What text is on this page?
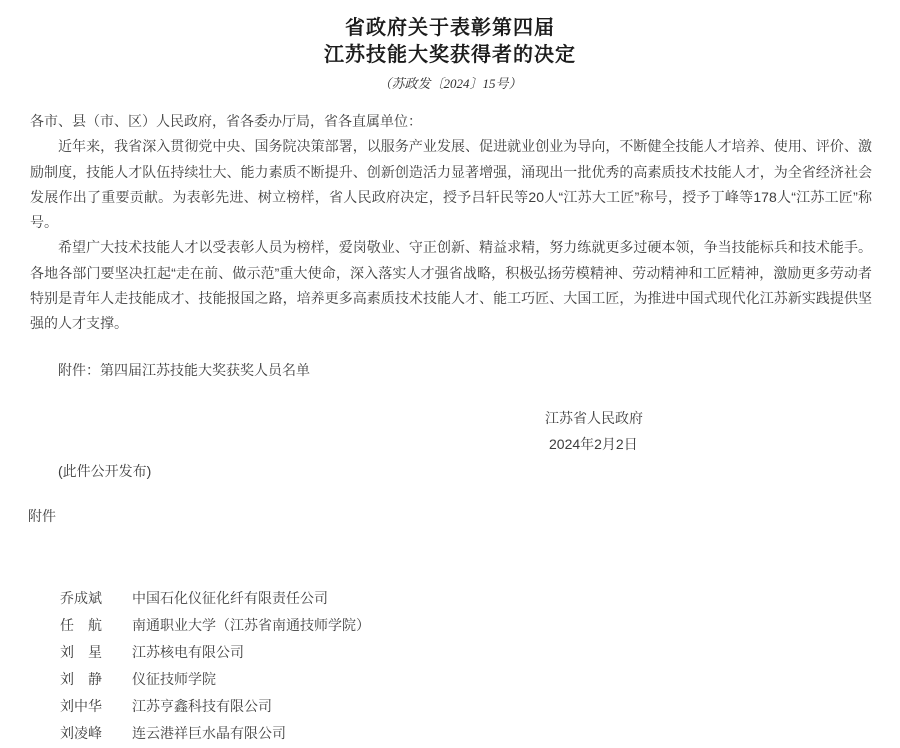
省政府关于表彰第四届
江苏技能大奖获得者的决定
（苏政发〔2024〕15号）

各市、县（市、区）人民政府，省各委办厅局，省各直属单位：

近年来，我省深入贯彻党中央、国务院决策部署，以服务产业发展、促进就业创业为导向，不断健全技能人才培养、使用、评价、激励制度，技能人才队伍持续壮大、能力素质不断提升、创新创造活力显著增强，涌现出一批优秀的高素质技术技能人才，为全省经济社会发展作出了重要贡献。为表彰先进、树立榜样，省人民政府决定，授予吕轩民等20人“江苏大工匠”称号，授予丁峰等178人“江苏工匠”称号。

希望广大技术技能人才以受表彰人员为榜样，爱岗敬业、守正创新、精益求精，努力练就更多过硬本领，争当技能标兵和技术能手。各地各部门要坚决扛起“走在前、做示范”重大使命，深入落实人才强省战略，积极弘扬劳模精神、劳动精神和工匠精神，激励更多劳动者特别是青年人走技能成才、技能报国之路，培养更多高素质技术技能人才、能工巧匠、大国工匠，为推进中国式现代化江苏新实践提供坚强的人才支撑。

附件：第四届江苏技能大奖获奖人员名单

江苏省人民政府
2024年2月2日

(此件公开发布)

附件

乔成斌	中国石化仪征化纤有限责任公司
任　航	南通职业大学（江苏省南通技师学院）
刘　星	江苏核电有限公司
刘　静	仪征技师学院
刘中华	江苏亨鑫科技有限公司
刘凌峰	连云港祥巨水晶有限公司
